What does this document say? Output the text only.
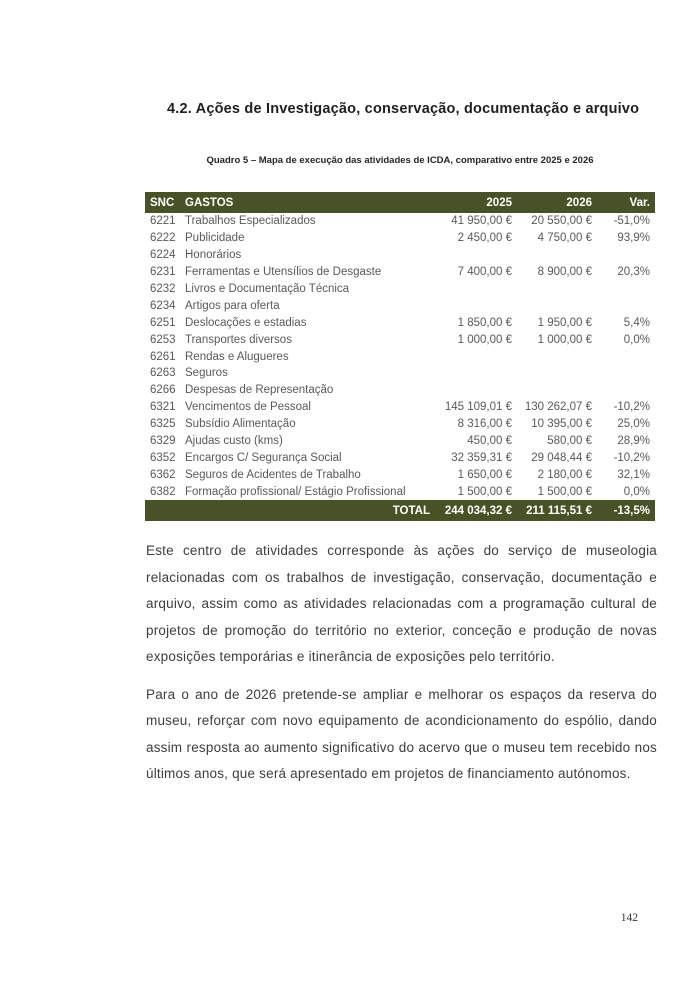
4.2. Ações de Investigação, conservação, documentação e arquivo
Quadro 5 – Mapa de execução das atividades de ICDA, comparativo entre 2025 e 2026
SNC	GASTOS	2025	2026	Var.
6221	Trabalhos Especializados	41 950,00 €	20 550,00 €	-51,0%
6222	Publicidade	2 450,00 €	4 750,00 €	93,9%
6224	Honorários			
6231	Ferramentas e Utensílios de Desgaste	7 400,00 €	8 900,00 €	20,3%
6232	Livros e Documentação Técnica			
6234	Artigos para oferta			
6251	Deslocações e estadias	1 850,00 €	1 950,00 €	5,4%
6253	Transportes diversos	1 000,00 €	1 000,00 €	0,0%
6261	Rendas e Alugueres			
6263	Seguros			
6266	Despesas de Representação			
6321	Vencimentos de Pessoal	145 109,01 €	130 262,07 €	-10,2%
6325	Subsídio Alimentação	8 316,00 €	10 395,00 €	25,0%
6329	Ajudas custo (kms)	450,00 €	580,00 €	28,9%
6352	Encargos C/ Segurança Social	32 359,31 €	29 048,44 €	-10,2%
6362	Seguros de Acidentes de Trabalho	1 650,00 €	2 180,00 €	32,1%
6382	Formação profissional/ Estágio Profissional	1 500,00 €	1 500,00 €	0,0%
TOTAL		244 034,32 €	211 115,51 €	-13,5%

Este centro de atividades corresponde às ações do serviço de museologia relacionadas com os trabalhos de investigação, conservação, documentação e arquivo, assim como as atividades relacionadas com a programação cultural de projetos de promoção do território no exterior, conceção e produção de novas exposições temporárias e itinerância de exposições pelo território.

Para o ano de 2026 pretende-se ampliar e melhorar os espaços da reserva do museu, reforçar com novo equipamento de acondicionamento do espólio, dando assim resposta ao aumento significativo do acervo que o museu tem recebido nos últimos anos, que será apresentado em projetos de financiamento autónomos.

142
